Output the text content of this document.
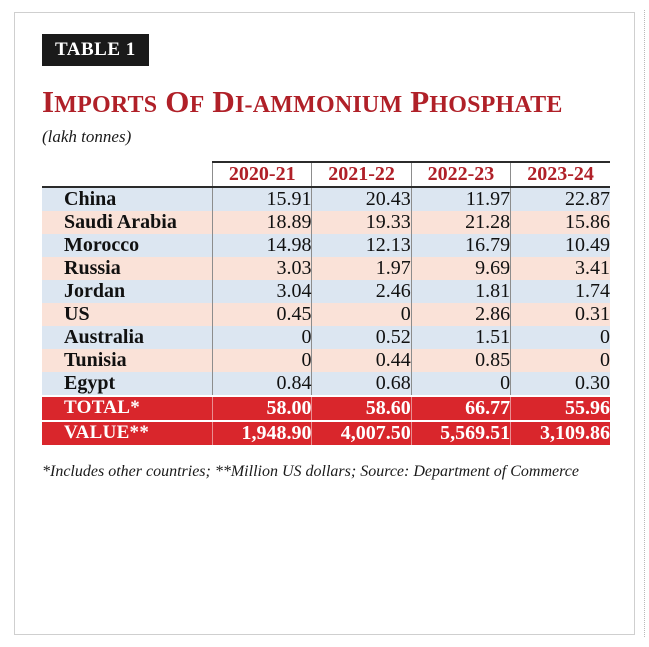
TABLE 1
IMPORTS OF DI-AMMONIUM PHOSPHATE
(lakh tonnes)
	2020-21	2021-22	2022-23	2023-24
China	15.91	20.43	11.97	22.87
Saudi Arabia	18.89	19.33	21.28	15.86
Morocco	14.98	12.13	16.79	10.49
Russia	3.03	1.97	9.69	3.41
Jordan	3.04	2.46	1.81	1.74
US	0.45	0	2.86	0.31
Australia	0	0.52	1.51	0
Tunisia	0	0.44	0.85	0
Egypt	0.84	0.68	0	0.30
TOTAL*	58.00	58.60	66.77	55.96
VALUE**	1,948.90	4,007.50	5,569.51	3,109.86
*Includes other countries; **Million US dollars; Source: Department of Commerce
